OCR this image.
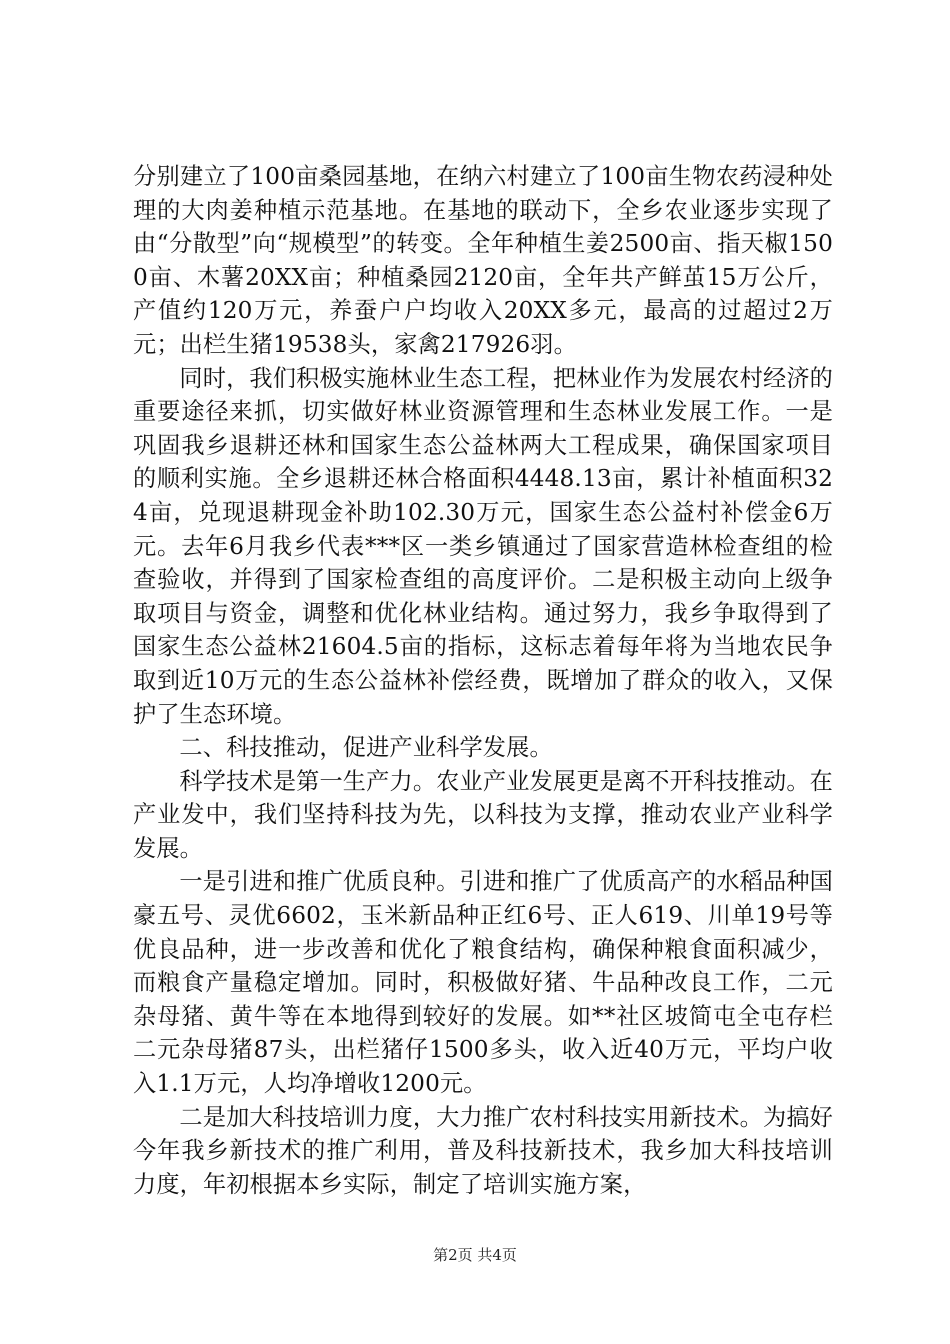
分别建立了100亩桑园基地，在纳六村建立了100亩生物农药浸种处理的大肉姜种植示范基地。在基地的联动下，全乡农业逐步实现了由“分散型”向“规模型”的转变。全年种植生姜2500亩、指天椒1500亩、木薯20XX亩；种植桑园2120亩，全年共产鲜茧15万公斤，产值约120万元，养蚕户户均收入20XX多元，最高的过超过2万元；出栏生猪19538头，家禽217926羽。

同时，我们积极实施林业生态工程，把林业作为发展农村经济的重要途径来抓，切实做好林业资源管理和生态林业发展工作。一是巩固我乡退耕还林和国家生态公益林两大工程成果，确保国家项目的顺利实施。全乡退耕还林合格面积4448.13亩，累计补植面积324亩，兑现退耕现金补助102.30万元，国家生态公益村补偿金6万元。去年6月我乡代表***区一类乡镇通过了国家营造林检查组的检查验收，并得到了国家检查组的高度评价。二是积极主动向上级争取项目与资金，调整和优化林业结构。通过努力，我乡争取得到了国家生态公益林21604.5亩的指标，这标志着每年将为当地农民争取到近10万元的生态公益林补偿经费，既增加了群众的收入，又保护了生态环境。

二、科技推动，促进产业科学发展。

科学技术是第一生产力。农业产业发展更是离不开科技推动。在产业发中，我们坚持科技为先，以科技为支撑，推动农业产业科学发展。

一是引进和推广优质良种。引进和推广了优质高产的水稻品种国豪五号、灵优6602，玉米新品种正红6号、正人619、川单19号等优良品种，进一步改善和优化了粮食结构，确保种粮食面积减少，而粮食产量稳定增加。同时，积极做好猪、牛品种改良工作，二元杂母猪、黄牛等在本地得到较好的发展。如**社区坡简屯全屯存栏二元杂母猪87头，出栏猪仔1500多头，收入近40万元，平均户收入1.1万元，人均净增收1200元。

二是加大科技培训力度，大力推广农村科技实用新技术。为搞好今年我乡新技术的推广利用，普及科技新技术，我乡加大科技培训力度，年初根据本乡实际，制定了培训实施方案，

第2页 共4页
